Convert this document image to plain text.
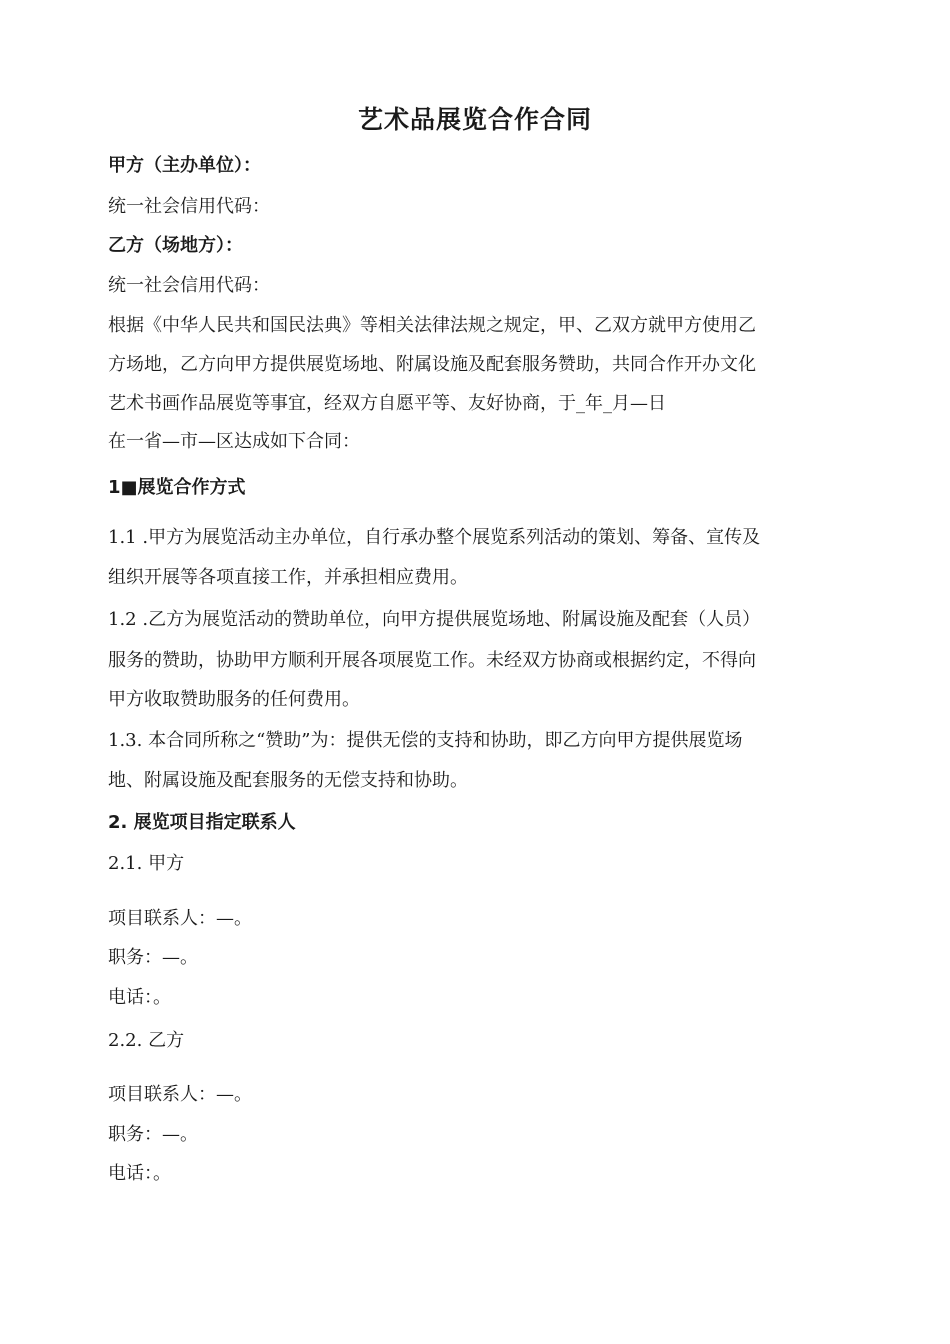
艺术品展览合作合同

甲方（主办单位）：

统一社会信用代码：

乙方（场地方）：

统一社会信用代码：

根据《中华人民共和国民法典》等相关法律法规之规定，甲、乙双方就甲方使用乙

方场地，乙方向甲方提供展览场地、附属设施及配套服务赞助，共同合作开办文化

艺术书画作品展览等事宜，经双方自愿平等、友好协商，于_年_月—日

在一省—市—区达成如下合同：

1■展览合作方式

1.1 .甲方为展览活动主办单位，自行承办整个展览系列活动的策划、筹备、宣传及

组织开展等各项直接工作，并承担相应费用。

1.2 .乙方为展览活动的赞助单位，向甲方提供展览场地、附属设施及配套（人员）

服务的赞助，协助甲方顺利开展各项展览工作。未经双方协商或根据约定，不得向

甲方收取赞助服务的任何费用。

1.3. 本合同所称之“赞助”为：提供无偿的支持和协助，即乙方向甲方提供展览场

地、附属设施及配套服务的无偿支持和协助。

2. 展览项目指定联系人

2.1. 甲方

项目联系人：—。

职务：—。

电话：。

2.2. 乙方

项目联系人：—。

职务：—。

电话：。
